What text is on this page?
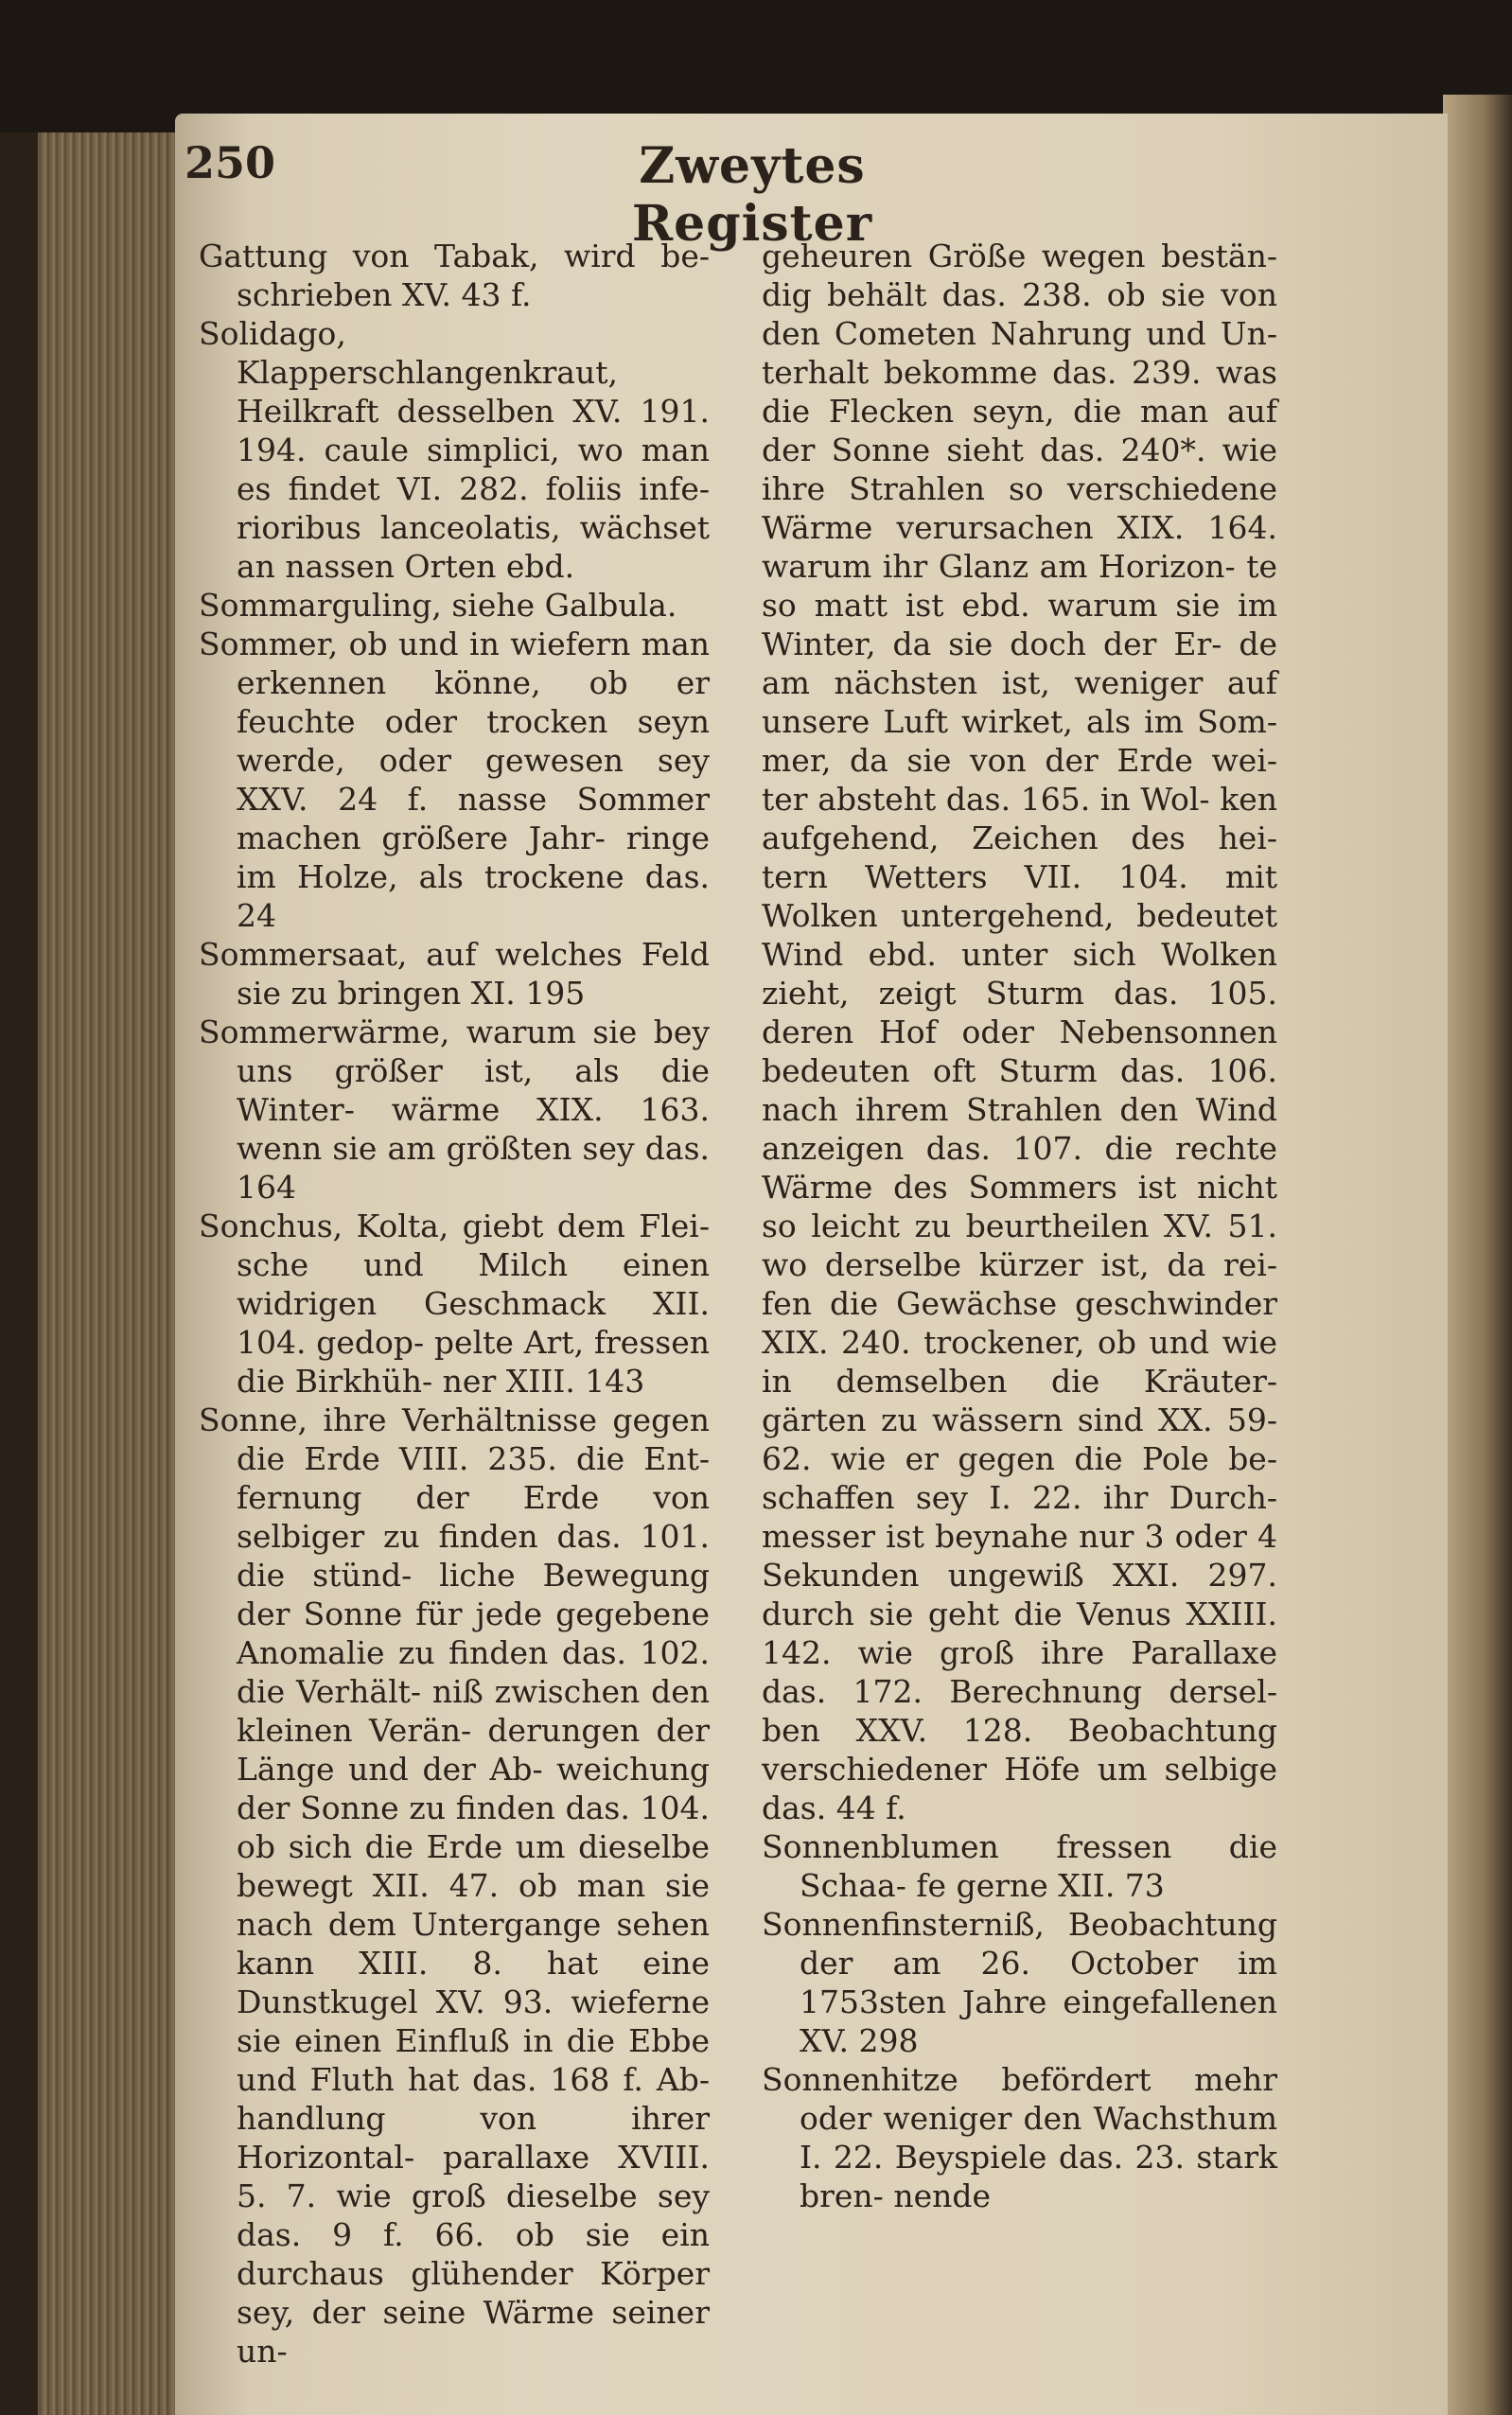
250	Zweytes Register

Gattung von Tabak, wird be‐ schrieben XV. 43 f.

Solidago, Klapperschlangenkraut, Heilkraft desselben XV. 191. 194. caule simplici, wo man es findet VI. 282. foliis infe‐ rioribus lanceolatis, wächset an nassen Orten ebd.

Sommarguling, siehe Galbula.

Sommer, ob und in wiefern man erkennen könne, ob er feuchte oder trocken seyn werde, oder gewesen sey XXV. 24 f. nasse Sommer machen größere Jahr‐ ringe im Holze, als trockene das. 24

Sommersaat, auf welches Feld sie zu bringen XI. 195

Sommerwärme, warum sie bey uns größer ist, als die Winter‐ wärme XIX. 163. wenn sie am größten sey das. 164

Sonchus, Kolta, giebt dem Flei‐ sche und Milch einen widrigen Geschmack XII. 104. gedop‐ pelte Art, fressen die Birkhüh‐ ner XIII. 143

Sonne, ihre Verhältnisse gegen die Erde VIII. 235. die Ent‐ fernung der Erde von selbiger zu finden das. 101. die stünd‐ liche Bewegung der Sonne für jede gegebene Anomalie zu finden das. 102. die Verhält‐ niß zwischen den kleinen Verän‐ derungen der Länge und der Ab‐ weichung der Sonne zu finden das. 104. ob sich die Erde um dieselbe bewegt XII. 47. ob man sie nach dem Untergange sehen kann XIII. 8. hat eine Dunstkugel XV. 93. wieferne sie einen Einfluß in die Ebbe und Fluth hat das. 168 f. Ab‐ handlung von ihrer Horizontal‐ parallaxe XVIII. 5. 7. wie groß dieselbe sey das. 9 f. 66. ob sie ein durchaus glühender Körper sey, der seine Wärme seiner un‐

geheuren Größe wegen bestän‐ dig behält das. 238. ob sie von den Cometen Nahrung und Un‐ terhalt bekomme das. 239. was die Flecken seyn, die man auf der Sonne sieht das. 240*. wie ihre Strahlen so verschiedene Wärme verursachen XIX. 164. warum ihr Glanz am Horizon‐ te so matt ist ebd. warum sie im Winter, da sie doch der Er‐ de am nächsten ist, weniger auf unsere Luft wirket, als im Som‐ mer, da sie von der Erde wei‐ ter absteht das. 165. in Wol‐ ken aufgehend, Zeichen des hei‐ tern Wetters VII. 104. mit Wolken untergehend, bedeutet Wind ebd. unter sich Wolken zieht, zeigt Sturm das. 105. deren Hof oder Nebensonnen bedeuten oft Sturm das. 106. nach ihrem Strahlen den Wind anzeigen das. 107. die rechte Wärme des Sommers ist nicht so leicht zu beurtheilen XV. 51. wo derselbe kürzer ist, da rei‐ fen die Gewächse geschwinder XIX. 240. trockener, ob und wie in demselben die Kräuter‐ gärten zu wässern sind XX. 59‐ 62. wie er gegen die Pole be‐ schaffen sey I. 22. ihr Durch‐ messer ist beynahe nur 3 oder 4 Sekunden ungewiß XXI. 297. durch sie geht die Venus XXIII. 142. wie groß ihre Parallaxe das. 172. Berechnung dersel‐ ben XXV. 128. Beobachtung verschiedener Höfe um selbige das. 44 f.

Sonnenblumen fressen die Schaa‐ fe gerne XII. 73

Sonnenfinsterniß, Beobachtung der am 26. October im 1753sten Jahre eingefallenen XV. 298

Sonnenhitze befördert mehr oder weniger den Wachsthum I. 22. Beyspiele das. 23. stark bren‐ nende
